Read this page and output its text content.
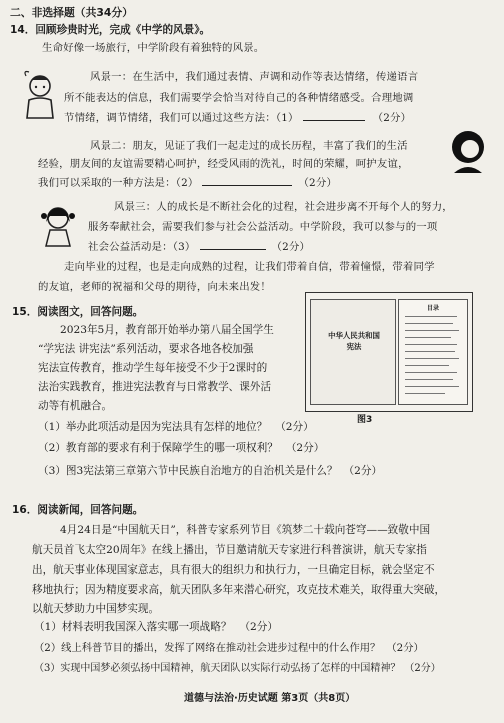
二、非选择题（共34分）
14．回顾珍贵时光，完成《中学的风景》。
生命好像一场旅行，中学阶段有着独特的风景。
风景一：在生活中，我们通过表情、声调和动作等表达情绪，传递语言
所不能表达的信息，我们需要学会恰当对待自己的各种情绪感受。合理地调
节情绪，调节情绪，我们可以通过这些方法：（1）	（2分）
风景二：朋友，见证了我们一起走过的成长历程，丰富了我们的生活
经验，朋友间的友谊需要精心呵护，经受风雨的洗礼，时间的荣耀，呵护友谊，
我们可以采取的一种方法是：（2）	（2分）
风景三：人的成长是不断社会化的过程，社会进步离不开每个人的努力，
服务奉献社会，需要我们参与社会公益活动。中学阶段，我可以参与的一项
社会公益活动是：（3）	（2分）
走向毕业的过程，也是走向成熟的过程，让我们带着自信，带着憧憬，带着同学
的友谊，老师的祝福和父母的期待，向未来出发！
15．阅读图文，回答问题。
2023年5月，教育部开始举办第八届全国学生
“学宪法 讲宪法”系列活动，要求各地各校加强
宪法宣传教育，推动学生每年接受不少于2课时的
法治实践教育，推进宪法教育与日常教学、课外活
动等有机融合。
中华人民共和国
宪法
目录
图3
（1）举办此项活动是因为宪法具有怎样的地位？ （2分）
（2）教育部的要求有利于保障学生的哪一项权利？ （2分）
（3）图3宪法第三章第六节中民族自治地方的自治机关是什么？ （2分）
16．阅读新闻，回答问题。
4月24日是“中国航天日”，科普专家系列节目《筑梦二十载向苍穹——致敬中国
航天员首飞太空20周年》在线上播出，节目邀请航天专家进行科普演讲，航天专家指
出，航天事业体现国家意志，具有很大的组织力和执行力，一旦确定目标，就会坚定不
移地执行；因为精度要求高，航天团队多年来潜心研究，攻克技术难关，取得重大突破，
以航天梦助力中国梦实现。
（1）材料表明我国深入落实哪一项战略？ （2分）
（2）线上科普节目的播出，发挥了网络在推动社会进步过程中的什么作用？ （2分）
（3）实现中国梦必须弘扬中国精神，航天团队以实际行动弘扬了怎样的中国精神？ （2分）
道德与法治·历史试题 第3页（共8页）
